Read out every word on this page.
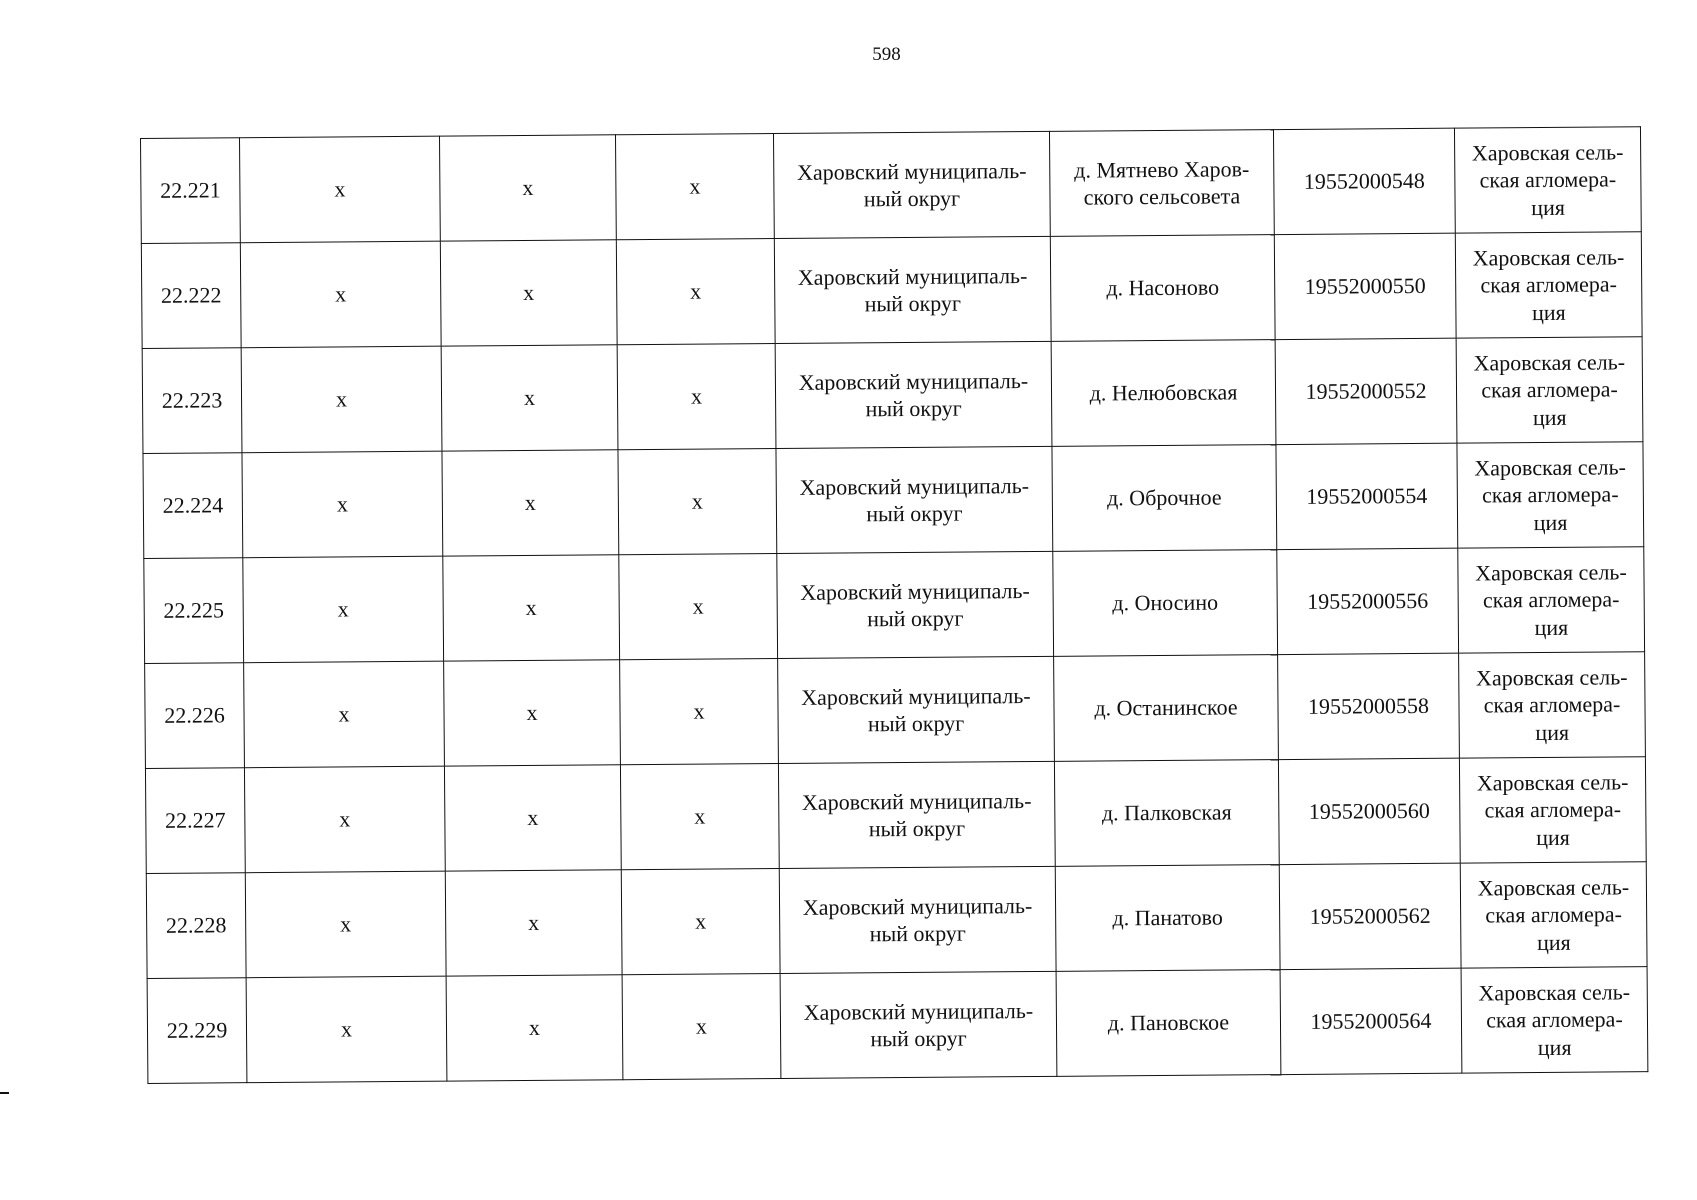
598
22.221	x	x	x	Харовский муниципаль-
ный округ	д. Мятнево Харов-
ского сельсовета	19552000548	Харовская сель-
ская агломера-
ция
22.222	x	x	x	Харовский муниципаль-
ный округ	д. Насоново	19552000550	Харовская сель-
ская агломера-
ция
22.223	x	x	x	Харовский муниципаль-
ный округ	д. Нелюбовская	19552000552	Харовская сель-
ская агломера-
ция
22.224	x	x	x	Харовский муниципаль-
ный округ	д. Оброчное	19552000554	Харовская сель-
ская агломера-
ция
22.225	x	x	x	Харовский муниципаль-
ный округ	д. Оносино	19552000556	Харовская сель-
ская агломера-
ция
22.226	x	x	x	Харовский муниципаль-
ный округ	д. Останинское	19552000558	Харовская сель-
ская агломера-
ция
22.227	x	x	x	Харовский муниципаль-
ный округ	д. Палковская	19552000560	Харовская сель-
ская агломера-
ция
22.228	x	x	x	Харовский муниципаль-
ный округ	д. Панатово	19552000562	Харовская сель-
ская агломера-
ция
22.229	x	x	x	Харовский муниципаль-
ный округ	д. Пановское	19552000564	Харовская сель-
ская агломера-
ция
